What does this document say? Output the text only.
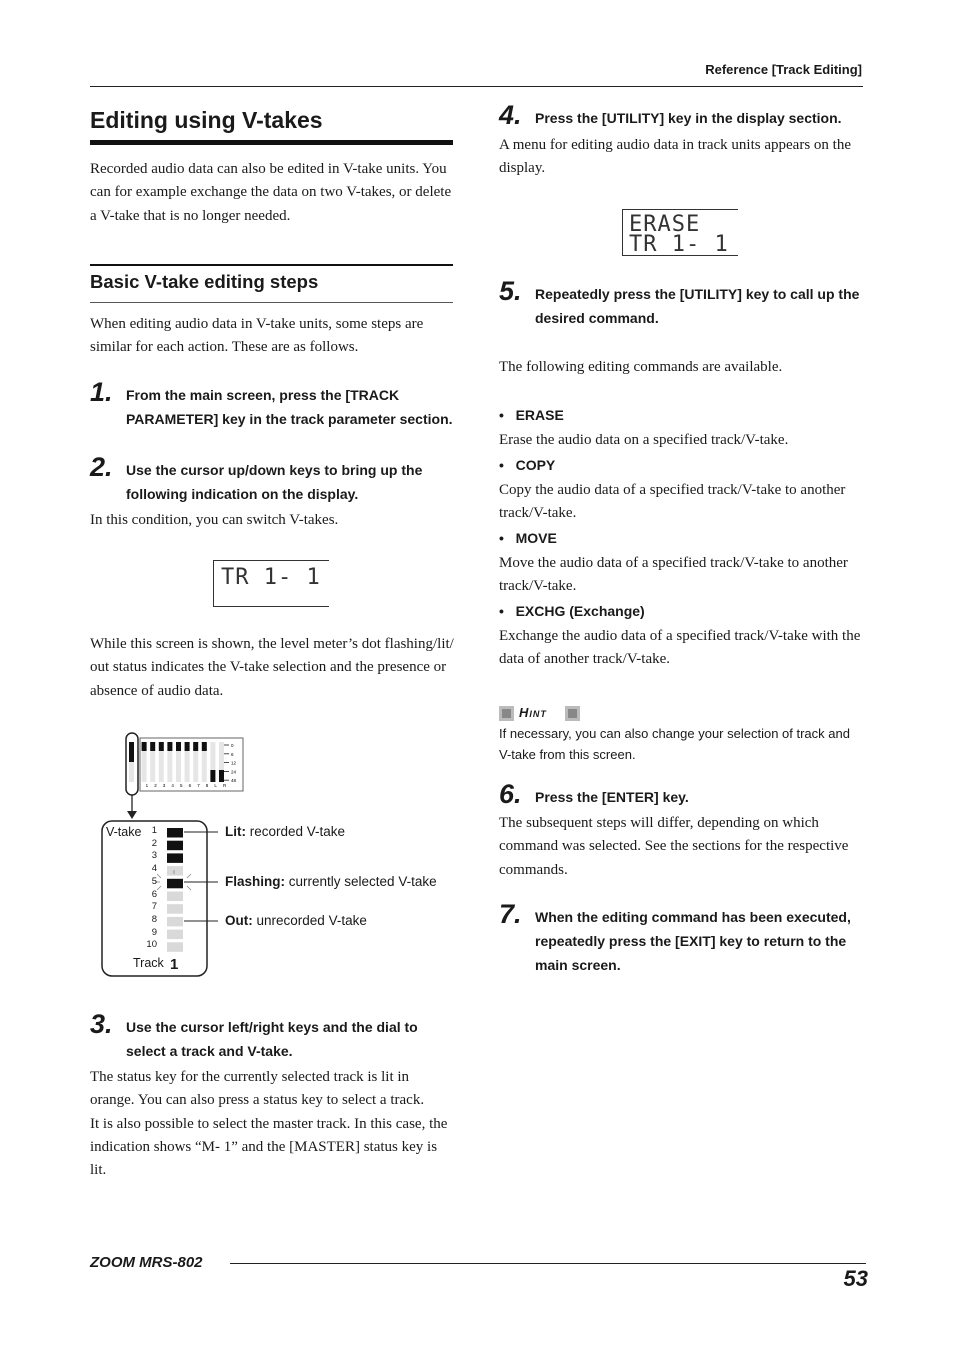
Reference [Track Editing]
Editing using V-takes
Recorded audio data can also be edited in V-take units. You can for example exchange the data on two V-takes, or delete a V-take that is no longer needed.
Basic V-take editing steps
When editing audio data in V-take units, some steps are similar for each action. These are as follows.
1. From the main screen, press the [TRACK PARAMETER] key in the track parameter section.
2. Use the cursor up/down keys to bring up the following indication on the display.
In this condition, you can switch V-takes.
TR 1- 1
While this screen is shown, the level meter’s dot flashing/lit/ out status indicates the V-take selection and the presence or absence of audio data.
0
6
12
24
48
1 2 3 4 5 6 7 8 L R
V-take
Track 1
1
2
3
4
5
6
7
8
9
10
Lit: recorded V-take
Flashing: currently selected V-take
Out: unrecorded V-take
3. Use the cursor left/right keys and the dial to select a track and V-take.
The status key for the currently selected track is lit in orange. You can also press a status key to select a track.
It is also possible to select the master track. In this case, the indication shows “M- 1” and the [MASTER] status key is lit.
4. Press the [UTILITY] key in the display section.
A menu for editing audio data in track units appears on the display.
ERASE
TR 1- 1
5. Repeatedly press the [UTILITY] key to call up the desired command.
The following editing commands are available.
•   ERASE
Erase the audio data on a specified track/V-take.
•   COPY
Copy the audio data of a specified track/V-take to another track/V-take.
•   MOVE
Move the audio data of a specified track/V-take to another track/V-take.
•   EXCHG (Exchange)
Exchange the audio data of a specified track/V-take with the data of another track/V-take.
Hint
If necessary, you can also change your selection of track and V-take from this screen.
6. Press the [ENTER] key.
The subsequent steps will differ, depending on which command was selected. See the sections for the respective commands.
7. When the editing command has been executed, repeatedly press the [EXIT] key to return to the main screen.
ZOOM MRS-802
53
